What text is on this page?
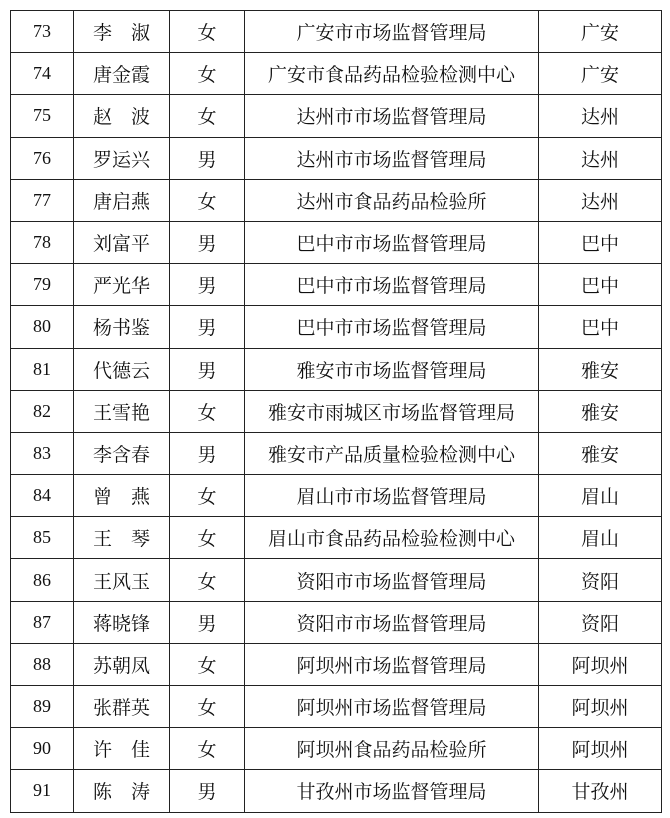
73	李　淑	女	广安市市场监督管理局	广安
74	唐金霞	女	广安市食品药品检验检测中心	广安
75	赵　波	女	达州市市场监督管理局	达州
76	罗运兴	男	达州市市场监督管理局	达州
77	唐启燕	女	达州市食品药品检验所	达州
78	刘富平	男	巴中市市场监督管理局	巴中
79	严光华	男	巴中市市场监督管理局	巴中
80	杨书鉴	男	巴中市市场监督管理局	巴中
81	代德云	男	雅安市市场监督管理局	雅安
82	王雪艳	女	雅安市雨城区市场监督管理局	雅安
83	李含春	男	雅安市产品质量检验检测中心	雅安
84	曾　燕	女	眉山市市场监督管理局	眉山
85	王　琴	女	眉山市食品药品检验检测中心	眉山
86	王风玉	女	资阳市市场监督管理局	资阳
87	蒋晓锋	男	资阳市市场监督管理局	资阳
88	苏朝凤	女	阿坝州市场监督管理局	阿坝州
89	张群英	女	阿坝州市场监督管理局	阿坝州
90	许　佳	女	阿坝州食品药品检验所	阿坝州
91	陈　涛	男	甘孜州市场监督管理局	甘孜州
